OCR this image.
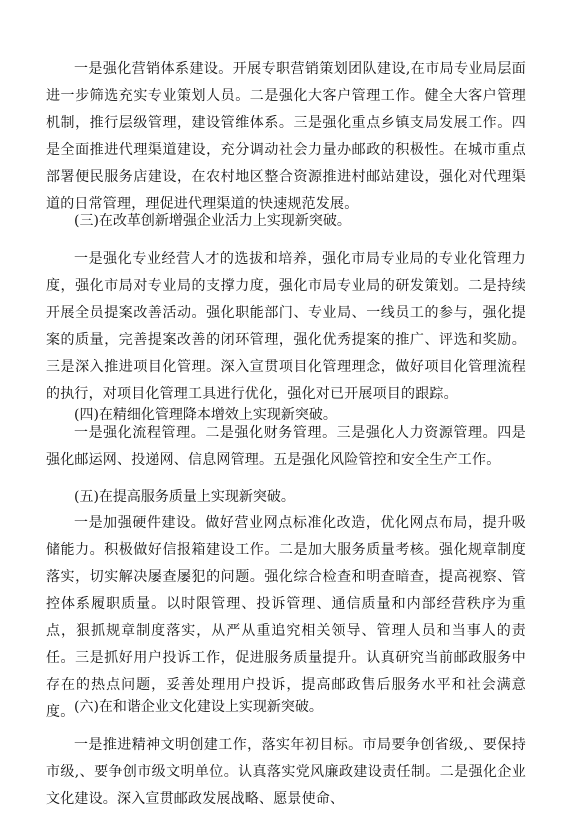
一是强化营销体系建设。开展专职营销策划团队建设,在市局专业局层面进一步筛选充实专业策划人员。二是强化大客户管理工作。健全大客户管理机制，推行层级管理，建设管维体系。三是强化重点乡镇支局发展工作。四是全面推进代理渠道建设，充分调动社会力量办邮政的积极性。在城市重点部署便民服务店建设，在农村地区整合资源推进村邮站建设，强化对代理渠道的日常管理，理促进代理渠道的快速规范发展。

(三)在改革创新增强企业活力上实现新突破。

一是强化专业经营人才的选拔和培养，强化市局专业局的专业化管理力度，强化市局对专业局的支撑力度，强化市局专业局的研发策划。二是持续开展全员提案改善活动。强化职能部门、专业局、一线员工的参与，强化提案的质量，完善提案改善的闭环管理，强化优秀提案的推广、评选和奖励。三是深入推进项目化管理。深入宣贯项目化管理理念，做好项目化管理流程的执行，对项目化管理工具进行优化，强化对已开展项目的跟踪。

(四)在精细化管理降本增效上实现新突破。

一是强化流程管理。二是强化财务管理。三是强化人力资源管理。四是强化邮运网、投递网、信息网管理。五是强化风险管控和安全生产工作。

(五)在提高服务质量上实现新突破。

一是加强硬件建设。做好营业网点标准化改造，优化网点布局，提升吸储能力。积极做好信报箱建设工作。二是加大服务质量考核。强化规章制度落实，切实解决屡查屡犯的问题。强化综合检查和明查暗查，提高视察、管控体系履职质量。以时限管理、投诉管理、通信质量和内部经营秩序为重点，狠抓规章制度落实，从严从重追究相关领导、管理人员和当事人的责任。三是抓好用户投诉工作，促进服务质量提升。认真研究当前邮政服务中存在的热点问题，妥善处理用户投诉，提高邮政售后服务水平和社会满意度。 (六)在和谐企业文化建设上实现新突破。

一是推进精神文明创建工作，落实年初目标。市局要争创省级,、要保持市级,、要争创市级文明单位。认真落实党风廉政建设责任制。二是强化企业文化建设。深入宣贯邮政发展战略、愿景使命、
